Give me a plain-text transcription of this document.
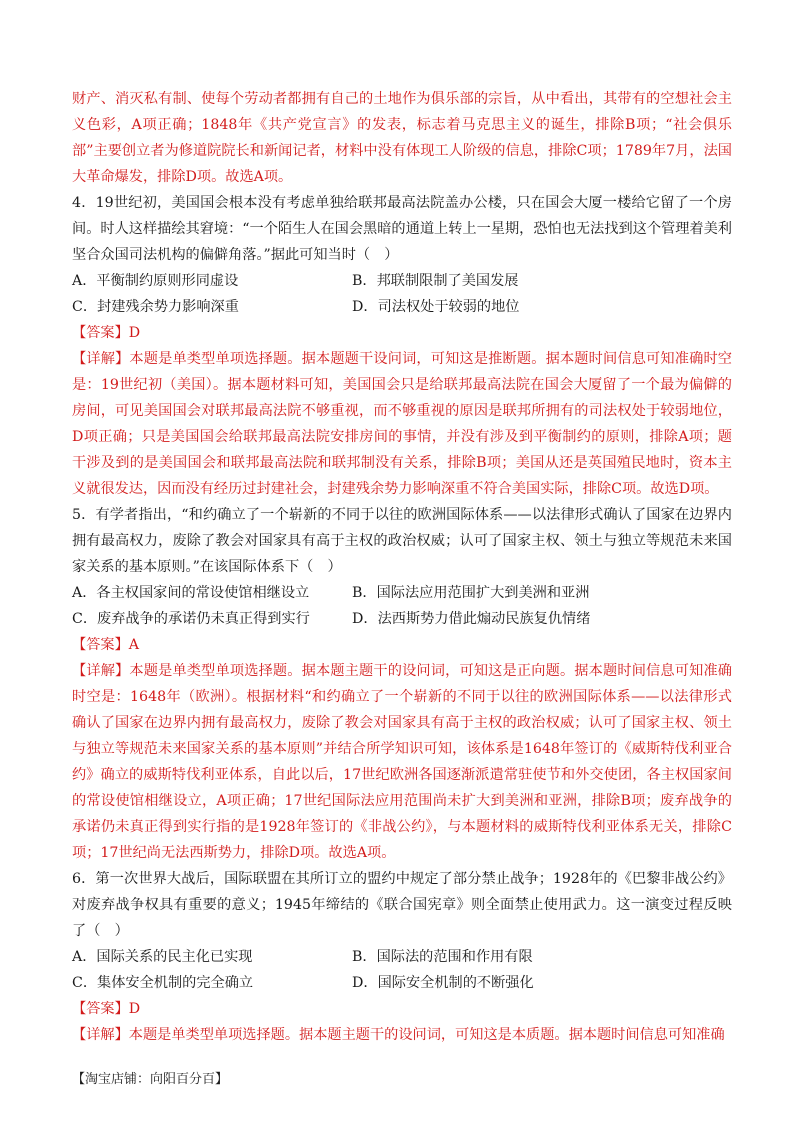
财产、消灭私有制、使每个劳动者都拥有自己的土地作为俱乐部的宗旨，从中看出，其带有的空想社会主义色彩，A项正确；1848年《共产党宣言》的发表，标志着马克思主义的诞生，排除B项；“社会俱乐部”主要创立者为修道院院长和新闻记者，材料中没有体现工人阶级的信息，排除C项；1789年7月，法国大革命爆发，排除D项。故选A项。

4．19世纪初，美国国会根本没有考虑单独给联邦最高法院盖办公楼，只在国会大厦一楼给它留了一个房间。时人这样描绘其窘境：“一个陌生人在国会黑暗的通道上转上一星期，恐怕也无法找到这个管理着美利坚合众国司法机构的偏僻角落。”据此可知当时（　）

A．平衡制约原则形同虚设	B．邦联制限制了美国发展

C．封建残余势力影响深重	D．司法权处于较弱的地位

【答案】D

【详解】本题是单类型单项选择题。据本题题干设问词，可知这是推断题。据本题时间信息可知准确时空是：19世纪初（美国）。据本题材料可知，美国国会只是给联邦最高法院在国会大厦留了一个最为偏僻的房间，可见美国国会对联邦最高法院不够重视，而不够重视的原因是联邦所拥有的司法权处于较弱地位，D项正确；只是美国国会给联邦最高法院安排房间的事情，并没有涉及到平衡制约的原则，排除A项；题干涉及到的是美国国会和联邦最高法院和联邦制没有关系，排除B项；美国从还是英国殖民地时，资本主义就很发达，因而没有经历过封建社会，封建残余势力影响深重不符合美国实际，排除C项。故选D项。

5．有学者指出，“和约确立了一个崭新的不同于以往的欧洲国际体系——以法律形式确认了国家在边界内拥有最高权力，废除了教会对国家具有高于主权的政治权威；认可了国家主权、领土与独立等规范未来国家关系的基本原则。”在该国际体系下（　）

A．各主权国家间的常设使馆相继设立	B．国际法应用范围扩大到美洲和亚洲

C．废弃战争的承诺仍未真正得到实行	D．法西斯势力借此煽动民族复仇情绪

【答案】A

【详解】本题是单类型单项选择题。据本题主题干的设问词，可知这是正向题。据本题时间信息可知准确时空是：1648年（欧洲）。根据材料“和约确立了一个崭新的不同于以往的欧洲国际体系——以法律形式确认了国家在边界内拥有最高权力，废除了教会对国家具有高于主权的政治权威；认可了国家主权、领土与独立等规范未来国家关系的基本原则”并结合所学知识可知，该体系是1648年签订的《威斯特伐利亚合约》确立的威斯特伐利亚体系，自此以后，17世纪欧洲各国逐渐派遣常驻使节和外交使团，各主权国家间的常设使馆相继设立，A项正确；17世纪国际法应用范围尚未扩大到美洲和亚洲，排除B项；废弃战争的承诺仍未真正得到实行指的是1928年签订的《非战公约》，与本题材料的威斯特伐利亚体系无关，排除C项；17世纪尚无法西斯势力，排除D项。故选A项。

6．第一次世界大战后，国际联盟在其所订立的盟约中规定了部分禁止战争；1928年的《巴黎非战公约》对废弃战争权具有重要的意义；1945年缔结的《联合国宪章》则全面禁止使用武力。这一演变过程反映了（　）

A．国际关系的民主化已实现	B．国际法的范围和作用有限

C．集体安全机制的完全确立	D．国际安全机制的不断强化

【答案】D

【详解】本题是单类型单项选择题。据本题主题干的设问词，可知这是本质题。据本题时间信息可知准确

【淘宝店铺：向阳百分百】
